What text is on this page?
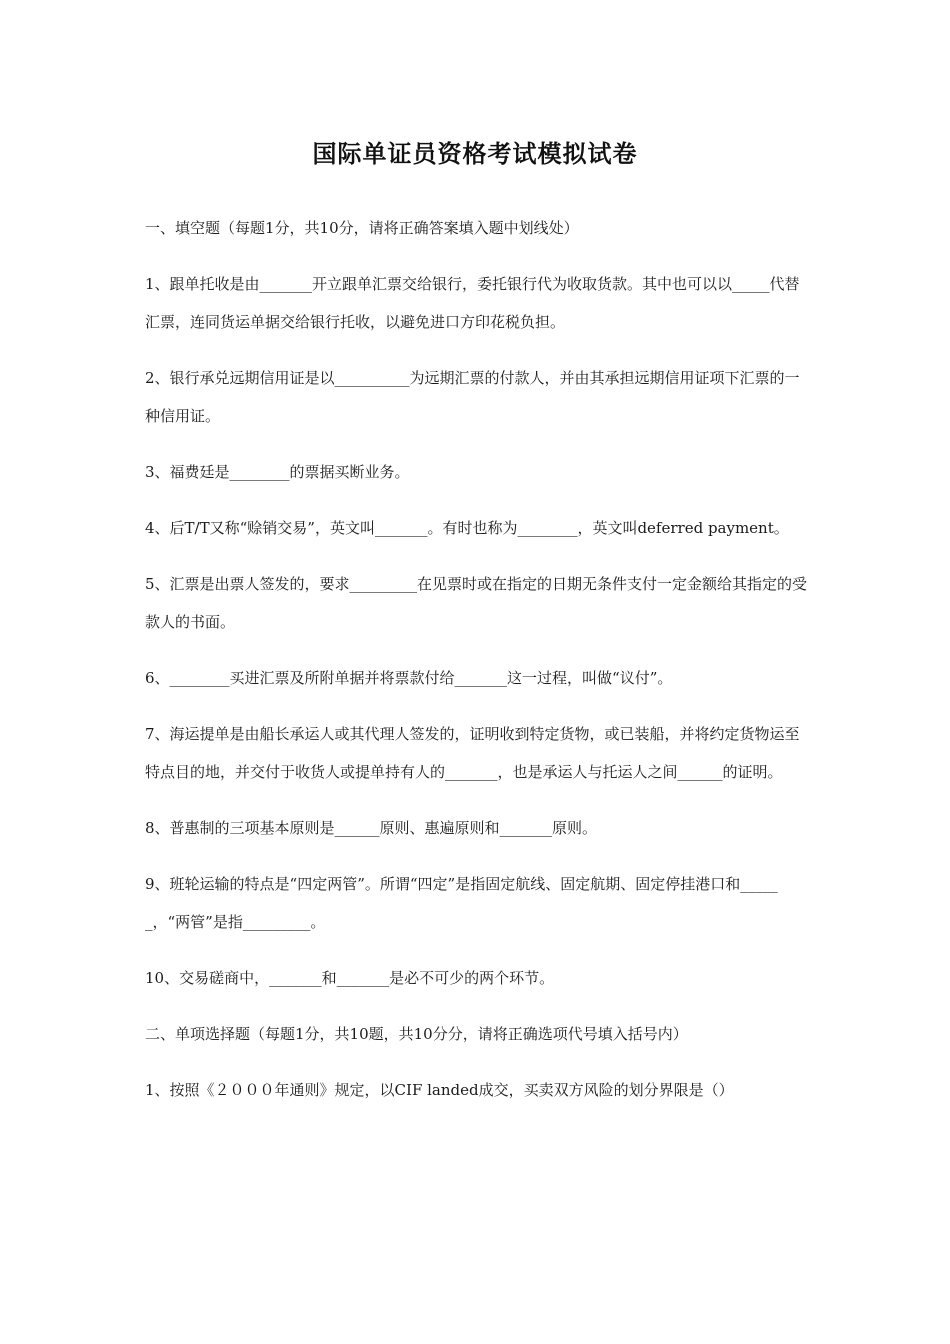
国际单证员资格考试模拟试卷

一、填空题（每题1分，共10分，请将正确答案填入题中划线处）

1、跟单托收是由_______开立跟单汇票交给银行，委托银行代为收取货款。其中也可以以_____代替汇票，连同货运单据交给银行托收，以避免进口方印花税负担。

2、银行承兑远期信用证是以__________为远期汇票的付款人，并由其承担远期信用证项下汇票的一种信用证。

3、福费廷是________的票据买断业务。

4、后T/T又称“赊销交易”，英文叫_______。有时也称为________，英文叫deferred payment。

5、汇票是出票人签发的，要求_________在见票时或在指定的日期无条件支付一定金额给其指定的受款人的书面。

6、________买进汇票及所附单据并将票款付给_______这一过程，叫做“议付”。

7、海运提单是由船长承运人或其代理人签发的，证明收到特定货物，或已装船，并将约定货物运至特点目的地，并交付于收货人或提单持有人的_______，也是承运人与托运人之间______的证明。

8、普惠制的三项基本原则是______原则、惠遍原则和_______原则。

9、班轮运输的特点是“四定两管”。所谓“四定”是指固定航线、固定航期、固定停挂港口和______，“两管”是指_________。

10、交易磋商中，_______和_______是必不可少的两个环节。

二、单项选择题（每题1分，共10题，共10分分，请将正确选项代号填入括号内）

1、按照《２０００年通则》规定，以CIF landed成交，买卖双方风险的划分界限是（）
